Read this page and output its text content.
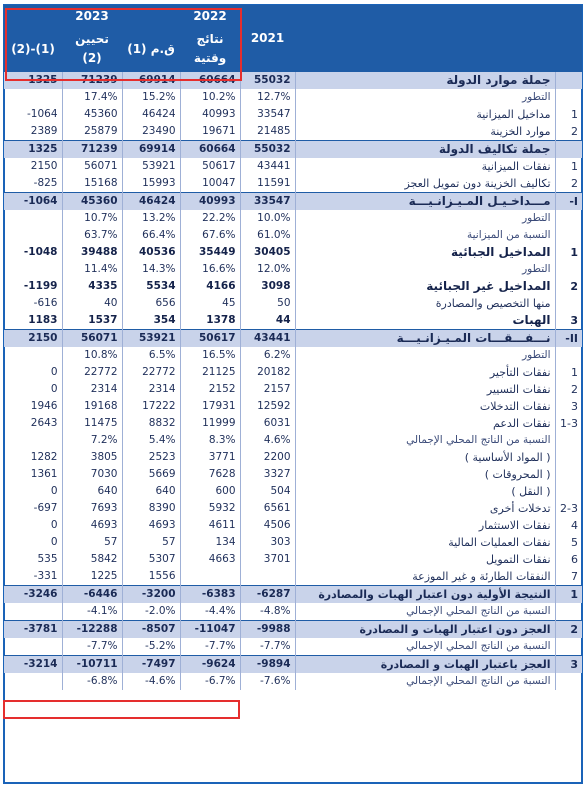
2023			2022	2021		
(2)-(1)	تحيين (2)	ق.م (1)	نتائج وقتية			
1325	71239	69914	60664	55032	جملة موارد الدولة	
	17.4%	15.2%	10.2%	12.7%	التطور	
-1064	45360	46424	40993	33547	مداخيل الميزانية	1
2389	25879	23490	19671	21485	موارد الخزينة	2
1325	71239	69914	60664	55032	جملة تكاليف الدولة	
2150	56071	53921	50617	43441	نفقات الميزانية	1
-825	15168	15993	10047	11591	تكاليف الخزينة دون تمويل العجز	2
-1064	45360	46424	40993	33547	مـــداخـيـل المـيـزانـيـــة	I-
	10.7%	13.2%	22.2%	10.0%	التطور	
	63.7%	66.4%	67.6%	61.0%	النسبة من الميزانية	
-1048	39488	40536	35449	30405	المداخيل الجبائية	1
	11.4%	14.3%	16.6%	12.0%	التطور	
-1199	4335	5534	4166	3098	المداخيل غير الجبائية	2
-616	40	656	45	50	منها التخصيص والمصادرة	
1183	1537	354	1378	44	الهبات	3
2150	56071	53921	50617	43441	نـــفـــقـــات المـيـزانـيـــة	II-
	10.8%	6.5%	16.5%	6.2%	التطور	
0	22772	22772	21125	20182	نفقات التأجير	1
0	2314	2314	2152	2157	نفقات التسيير	2
1946	19168	17222	17931	12592	نفقات التدخلات	3
2643	11475	8832	11999	6031	نفقات الدعم	1-3
	7.2%	5.4%	8.3%	4.6%	النسبة من الناتج المحلي الإجمالي	
1282	3805	2523	3771	2200	( المواد الأساسية )	
1361	7030	5669	7628	3327	( المحروقات )	
0	640	640	600	504	( النقل )	
-697	7693	8390	5932	6561	تدخلات أخرى	2-3
0	4693	4693	4611	4506	نفقات الاستثمار	4
0	57	57	134	303	نفقات العمليات المالية	5
535	5842	5307	4663	3701	نفقات التمويل	6
-331	1225	1556			النفقات الطارئة و غير الموزعة	7
-3246	-6446	-3200	-6383	-6287	النتيجة الأولية دون اعتبار الهبات والمصادرة	1
	-4.1%	-2.0%	-4.4%	-4.8%	النسبة من الناتج المحلي الإجمالي	
-3781	-12288	-8507	-11047	-9988	العجز دون اعتبار الهبات و المصادرة	2
	-7.7%	-5.2%	-7.7%	-7.7%	النسبة من الناتج المحلي الإجمالي	
-3214	-10711	-7497	-9624	-9894	العجز باعتبار الهبات و المصادرة	3
	-6.8%	-4.6%	-6.7%	-7.6%	النسبة من الناتج المحلي الإجمالي	
